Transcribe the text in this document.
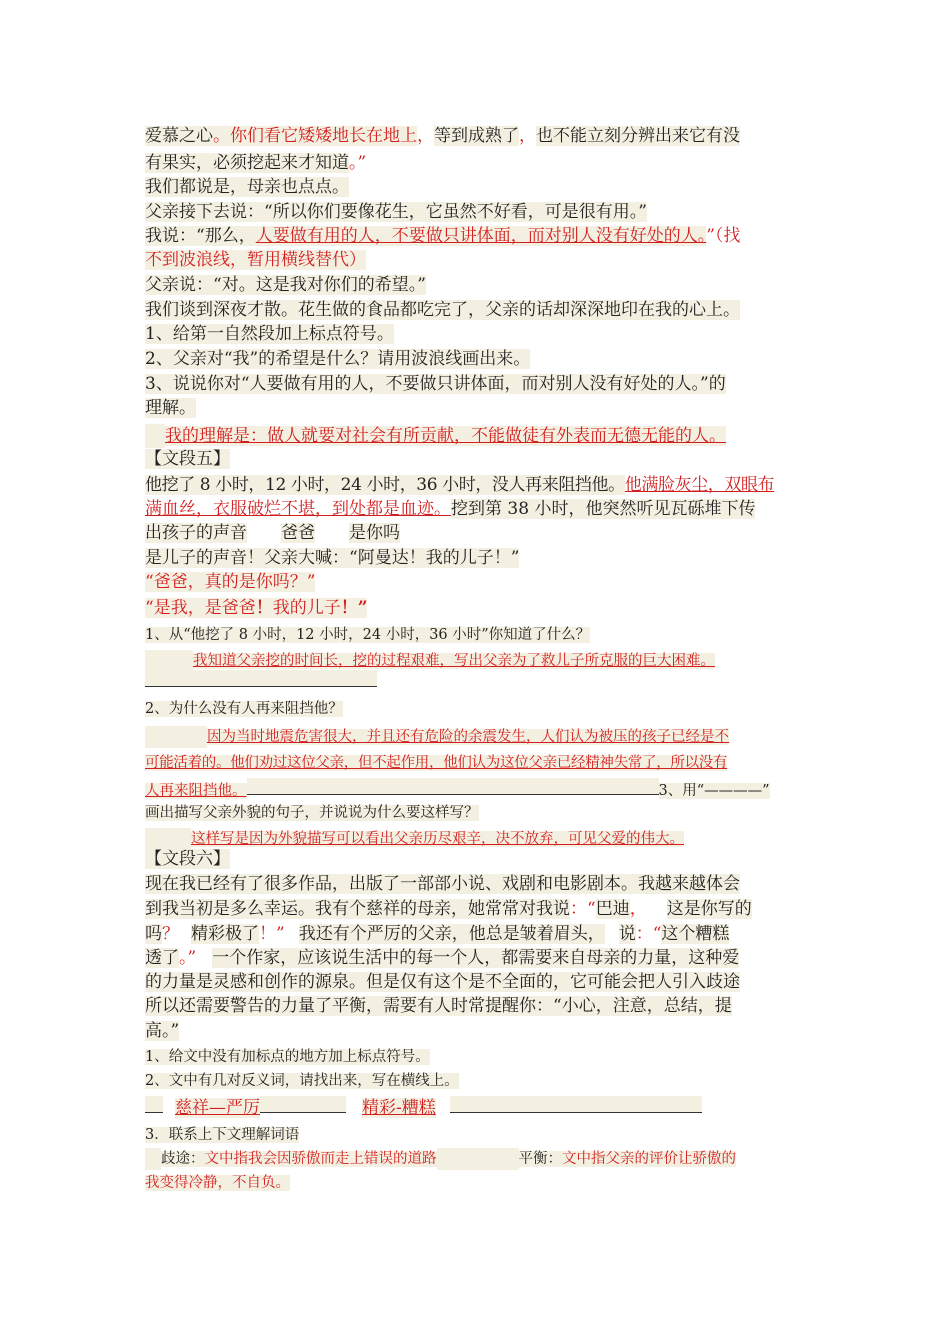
爱慕之心。你们看它矮矮地长在地上，等到成熟了，也不能立刻分辨出来它有没
有果实，必须挖起来才知道。”
我们都说是，母亲也点点。
父亲接下去说：“所以你们要像花生，它虽然不好看，可是很有用。”
我说：“那么，人要做有用的人，不要做只讲体面，而对别人没有好处的人。”（找
不到波浪线，暂用横线替代）
父亲说：“对。这是我对你们的希望。”
我们谈到深夜才散。花生做的食品都吃完了，父亲的话却深深地印在我的心上。
1、给第一自然段加上标点符号。
2、父亲对“我”的希望是什么？请用波浪线画出来。
3、说说你对“人要做有用的人，不要做只讲体面，而对别人没有好处的人。”的
理解。
我的理解是：做人就要对社会有所贡献，不能做徒有外表而无德无能的人。
【文段五】
他挖了 8 小时，12 小时，24 小时，36 小时，没人再来阻挡他。他满脸灰尘，双眼布
满血丝，衣服破烂不堪，到处都是血迹。挖到第 38 小时，他突然听见瓦砾堆下传
出孩子的声音 爸爸 是你吗
是儿子的声音！父亲大喊：“阿曼达！我的儿子！”
“爸爸，真的是你吗？”
“是我，是爸爸！我的儿子！”
1、从“他挖了 8 小时，12 小时，24 小时，36 小时”你知道了什么？
我知道父亲挖的时间长，挖的过程艰难，写出父亲为了救儿子所克服的巨大困难。
2、为什么没有人再来阻挡他？
因为当时地震危害很大，并且还有危险的余震发生，人们认为被压的孩子已经是不
可能活着的。他们劝过这位父亲，但不起作用，他们认为这位父亲已经精神失常了，所以没有
人再来阻挡他。	3、用“————”
画出描写父亲外貌的句子，并说说为什么要这样写？
这样写是因为外貌描写可以看出父亲历尽艰辛，决不放弃，可见父爱的伟大。
【文段六】
现在我已经有了很多作品，出版了一部部小说、戏剧和电影剧本。我越来越体会
到我当初是多么幸运。我有个慈祥的母亲，她常常对我说：“巴迪， 这是你写的
吗？ 精彩极了！” 我还有个严厉的父亲，他总是皱着眉头， 说：“这个糟糕
透了。” 一个作家，应该说生活中的每一个人，都需要来自母亲的力量，这种爱
的力量是灵感和创作的源泉。但是仅有这个是不全面的，它可能会把人引入歧途
所以还需要警告的力量了平衡，需要有人时常提醒你：“小心，注意，总结，提
高。”
1、给文中没有加标点的地方加上标点符号。
2、文中有几对反义词，请找出来，写在横线上。
慈祥—严厉	精彩-糟糕
3．联系上下文理解词语
歧途：文中指我会因骄傲而走上错误的道路	平衡：文中指父亲的评价让骄傲的
我变得冷静，不自负。
